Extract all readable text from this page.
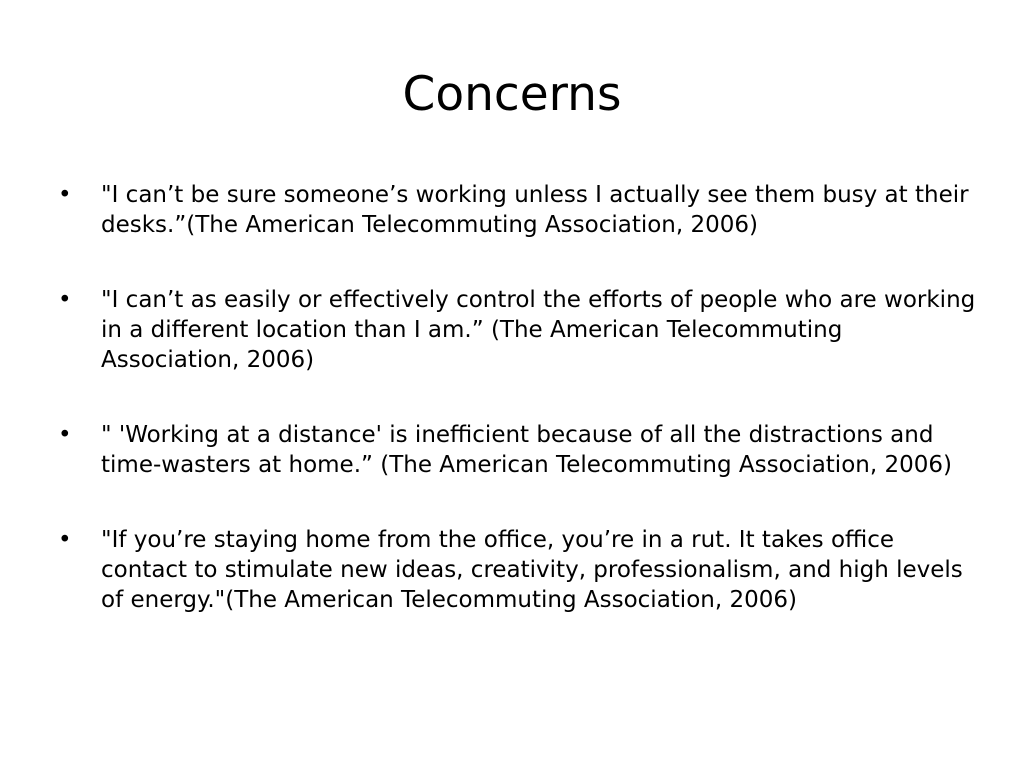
Concerns
• "I can’t be sure someone’s working unless I actually see them busy at their desks.”(The American Telecommuting Association, 2006)
• "I can’t as easily or effectively control the efforts of people who are working in a different location than I am.” (The American Telecommuting Association, 2006)
• " 'Working at a distance' is inefficient because of all the distractions and time-wasters at home.” (The American Telecommuting Association, 2006)
• "If you’re staying home from the office, you’re in a rut. It takes office contact to stimulate new ideas, creativity, professionalism, and high levels of energy."(The American Telecommuting Association, 2006)
